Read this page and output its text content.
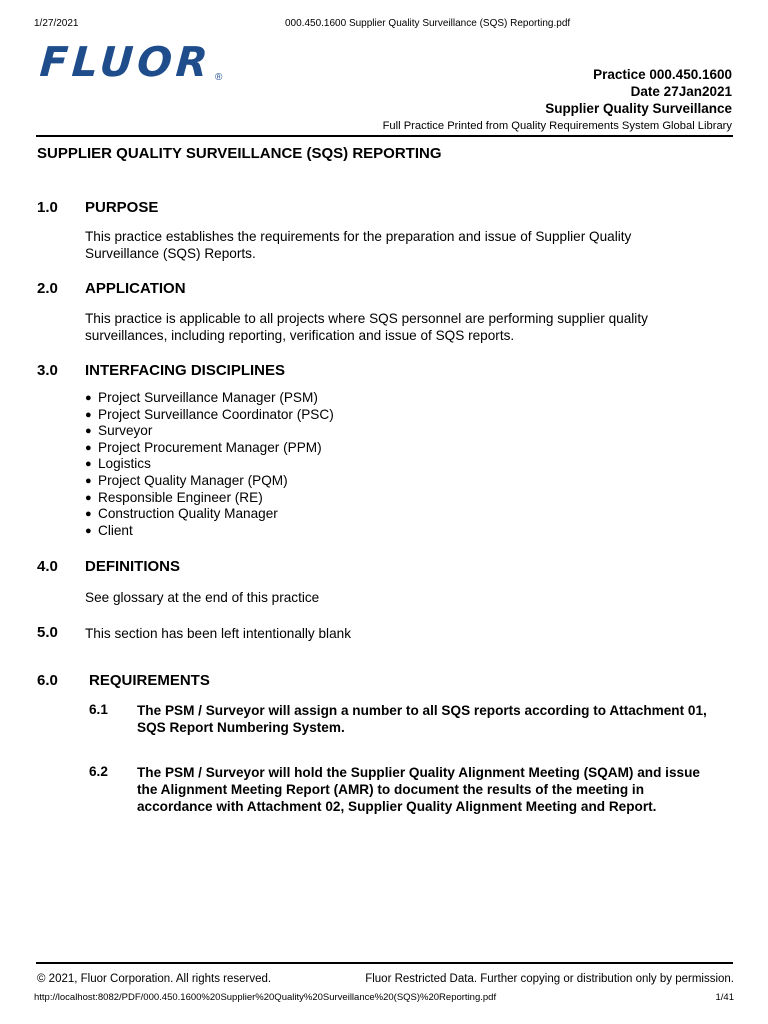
1/27/2021	000.450.1600 Supplier Quality Surveillance (SQS) Reporting.pdf
FLUOR ®	Practice 000.450.1600
Date 27Jan2021
Supplier Quality Surveillance
Full Practice Printed from Quality Requirements System Global Library
SUPPLIER QUALITY SURVEILLANCE (SQS) REPORTING
1.0 PURPOSE
This practice establishes the requirements for the preparation and issue of Supplier Quality
Surveillance (SQS) Reports.
2.0 APPLICATION
This practice is applicable to all projects where SQS personnel are performing supplier quality
surveillances, including reporting, verification and issue of SQS reports.
3.0 INTERFACING DISCIPLINES
● Project Surveillance Manager (PSM)
● Project Surveillance Coordinator (PSC)
● Surveyor
● Project Procurement Manager (PPM)
● Logistics
● Project Quality Manager (PQM)
● Responsible Engineer (RE)
● Construction Quality Manager
● Client
4.0 DEFINITIONS
See glossary at the end of this practice
5.0 This section has been left intentionally blank
6.0 REQUIREMENTS
6.1 The PSM / Surveyor will assign a number to all SQS reports according to Attachment 01,
SQS Report Numbering System.
6.2 The PSM / Surveyor will hold the Supplier Quality Alignment Meeting (SQAM) and issue
the Alignment Meeting Report (AMR) to document the results of the meeting in
accordance with Attachment 02, Supplier Quality Alignment Meeting and Report.
© 2021, Fluor Corporation. All rights reserved.	Fluor Restricted Data. Further copying or distribution only by permission.
http://localhost:8082/PDF/000.450.1600%20Supplier%20Quality%20Surveillance%20(SQS)%20Reporting.pdf	1/41
